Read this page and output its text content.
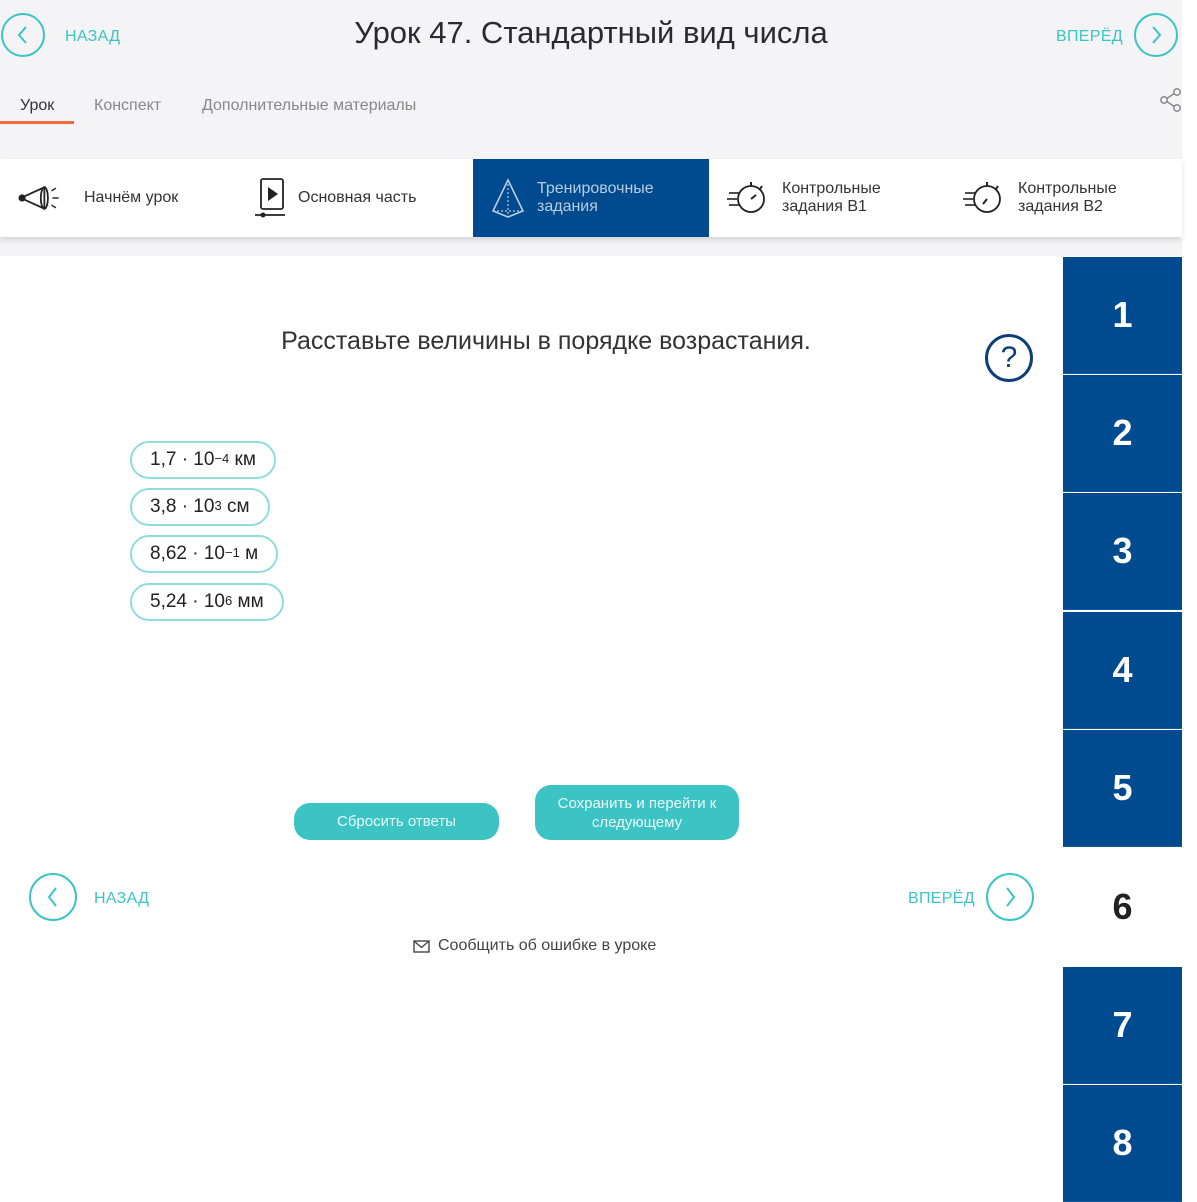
НАЗАД	Урок 47. Стандартный вид числа	ВПЕРЁД
Урок Конспект	Дополнительные материалы
Начнём урок	Основная часть
Тренировочные
задания
Контрольные
задания В1
Контрольные
задания В2
1
2
3
4
5
6
7
8
Расставьте величины в порядке возрастания.	?
$1,7 \cdot 10^{-4}$ км
$3,8 \cdot 10^3$ см
$8,62 \cdot 10^{-1}$ м
$5,24 \cdot 10^6$ мм
Сбросить ответы
Сохранить и перейти к
следующему
НАЗАД	ВПЕРЁД
Сообщить об ошибке в уроке
